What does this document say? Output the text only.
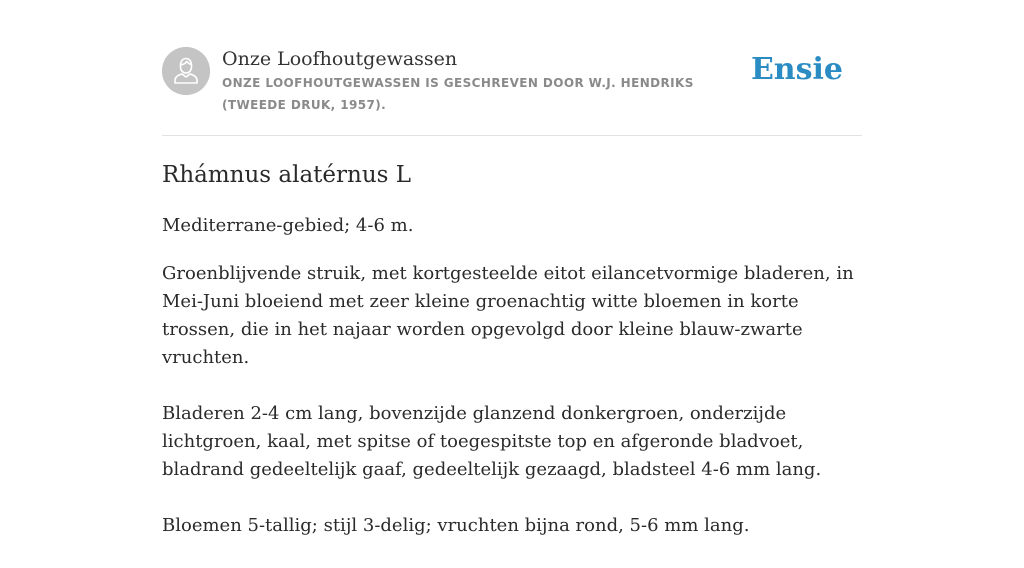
Onze Loofhoutgewassen
ONZE LOOFHOUTGEWASSEN IS GESCHREVEN DOOR W.J. HENDRIKS (TWEEDE DRUK, 1957).
Ensie
Rhámnus alatérnus L

Mediterrane-gebied; 4-6 m.

Groenblijvende struik, met kortgesteelde eitot eilancetvormige bladeren, in Mei-Juni bloeiend met zeer kleine groenachtig witte bloemen in korte trossen, die in het najaar worden opgevolgd door kleine blauw-zwarte vruchten.

Bladeren 2-4 cm lang, bovenzijde glanzend donkergroen, onderzijde lichtgroen, kaal, met spitse of toegespitste top en afgeronde bladvoet, bladrand gedeeltelijk gaaf, gedeeltelijk gezaagd, bladsteel 4-6 mm lang.

Bloemen 5-tallig; stijl 3-delig; vruchten bijna rond, 5-6 mm lang.
